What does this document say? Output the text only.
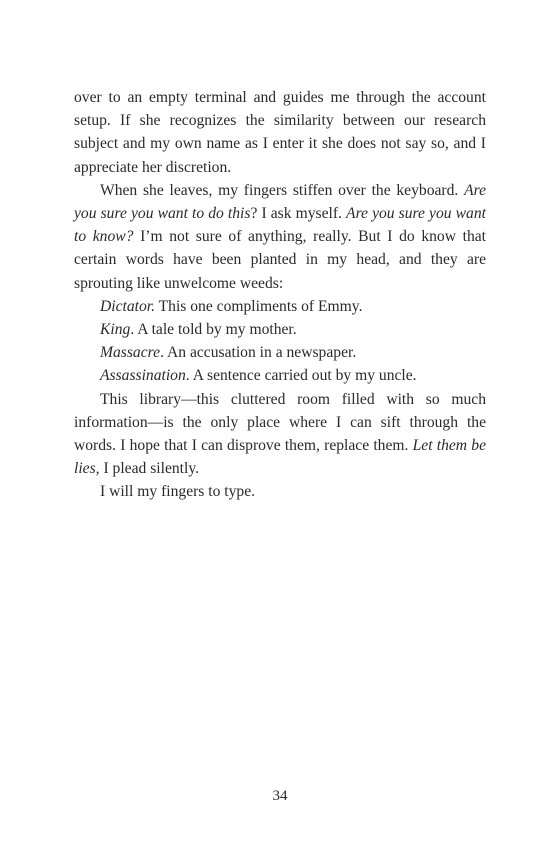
over to an empty terminal and guides me through the account setup. If she recognizes the similarity between our research subject and my own name as I enter it she does not say so, and I appreciate her discretion.

When she leaves, my fingers stiffen over the keyboard. Are you sure you want to do this? I ask myself. Are you sure you want to know? I’m not sure of anything, really. But I do know that certain words have been planted in my head, and they are sprouting like unwelcome weeds:

Dictator. This one compliments of Emmy.

King. A tale told by my mother.

Massacre. An accusation in a newspaper.

Assassination. A sentence carried out by my uncle.

This library—this cluttered room filled with so much information—is the only place where I can sift through the words. I hope that I can disprove them, replace them. Let them be lies, I plead silently.

I will my fingers to type.

34
